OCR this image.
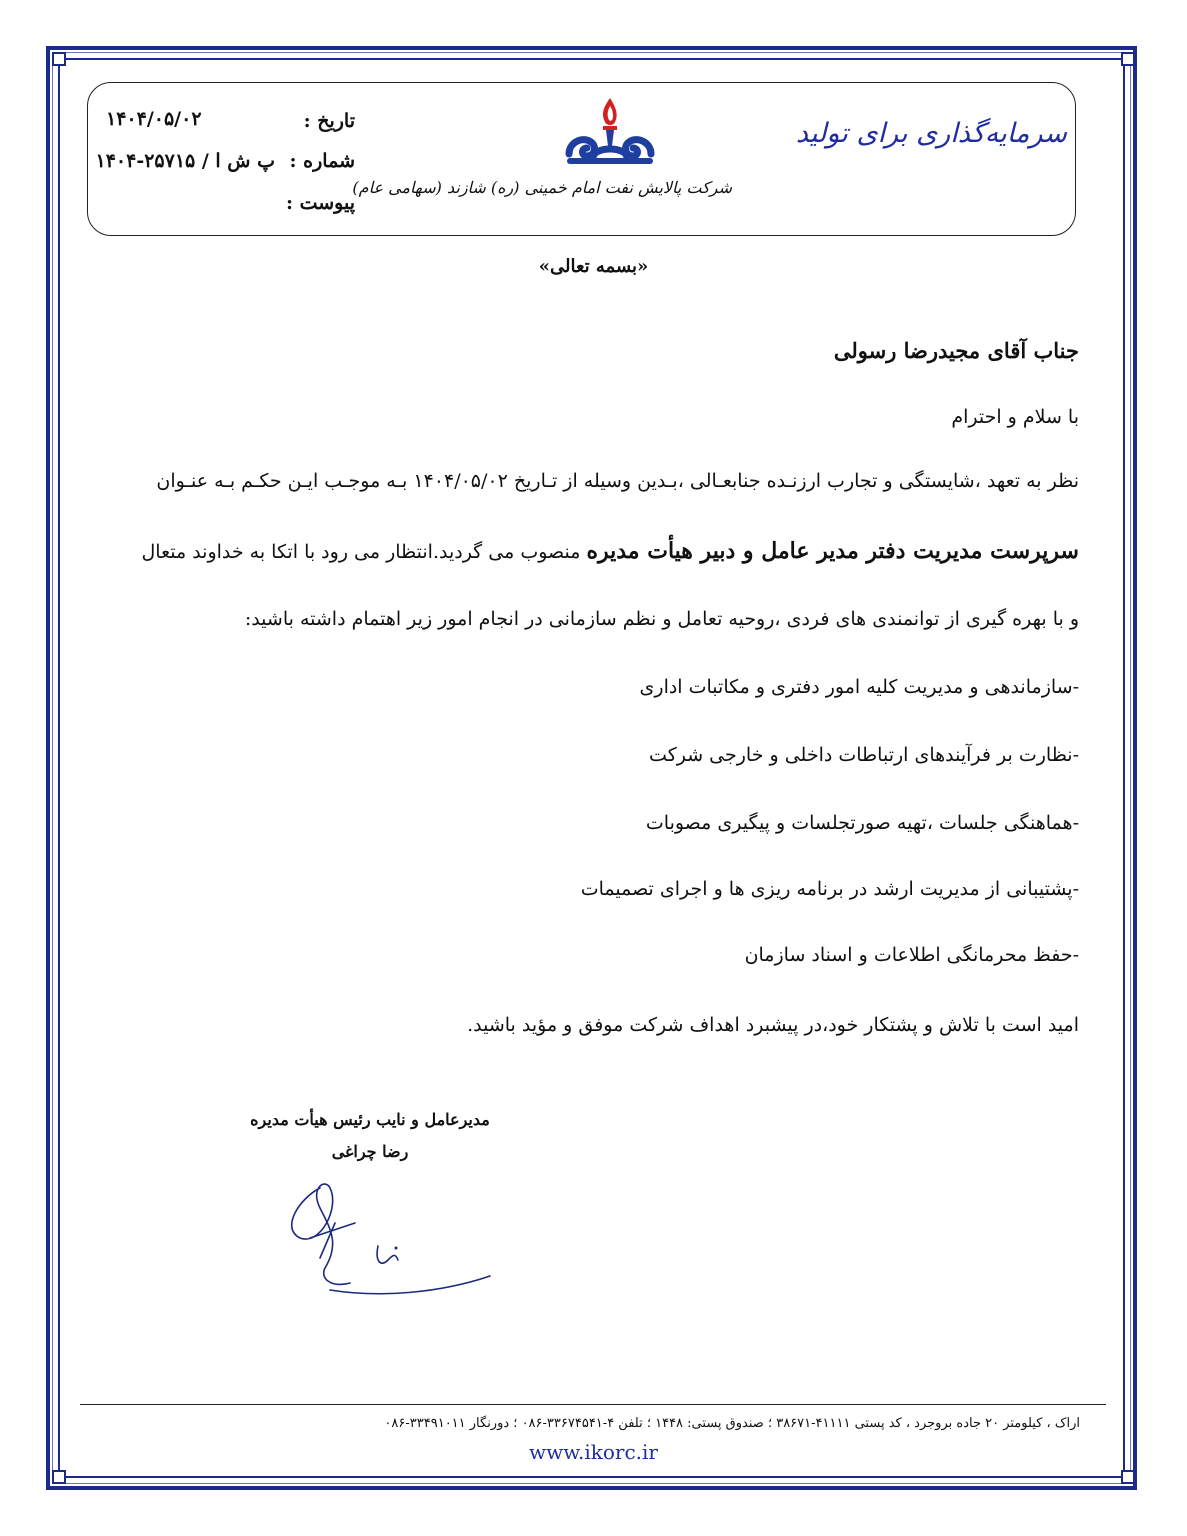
سرمایه‌گذاری برای تولید
شرکت پالایش نفت امام خمینی (ره) شازند (سهامی عام)
تاریخ :
۱۴۰۴/۰۵/۰۲
شماره :
پ ش ا / ۲۵۷۱۵-۱۴۰۴
پیوست :
«بسمه تعالی»
جناب آقای مجیدرضا رسولی
با سلام و احترام
نظر به تعهد ،شایستگی و تجارب ارزنـده جنابعـالی ،بـدین وسیله از تـاریخ ۱۴۰۴/۰۵/۰۲ بـه موجـب ایـن حکـم بـه عنـوان
سرپرست مدیریت دفتر مدیر عامل و دبیر هیأت مدیره منصوب می گردید.انتظار می رود با اتکا به خداوند متعال
و با بهره گیری از توانمندی های فردی ،روحیه تعامل و نظم سازمانی در انجام امور زیر اهتمام داشته باشید:
-سازماندهی و مدیریت کلیه امور دفتری و مکاتبات اداری
-نظارت بر فرآیندهای ارتباطات داخلی و خارجی شرکت
-هماهنگی جلسات ،تهیه صورتجلسات و پیگیری مصوبات
-پشتیبانی از مدیریت ارشد در برنامه ریزی ها و اجرای تصمیمات
-حفظ محرمانگی اطلاعات و اسناد سازمان
امید است با تلاش و پشتکار خود،در پیشبرد اهداف شرکت موفق و مؤید باشید.
مدیرعامل و نایب رئیس هیأت مدیره
رضا چراغی
اراک ، کیلومتر ۲۰ جاده بروجرد ، کد پستی ۴۱۱۱۱-۳۸۶۷۱ ؛ صندوق پستی: ۱۴۴۸ ؛ تلفن ۴-۳۳۶۷۴۵۴۱-۰۸۶ ؛ دورنگار ۳۳۴۹۱۰۱۱-۰۸۶
www.ikorc.ir
